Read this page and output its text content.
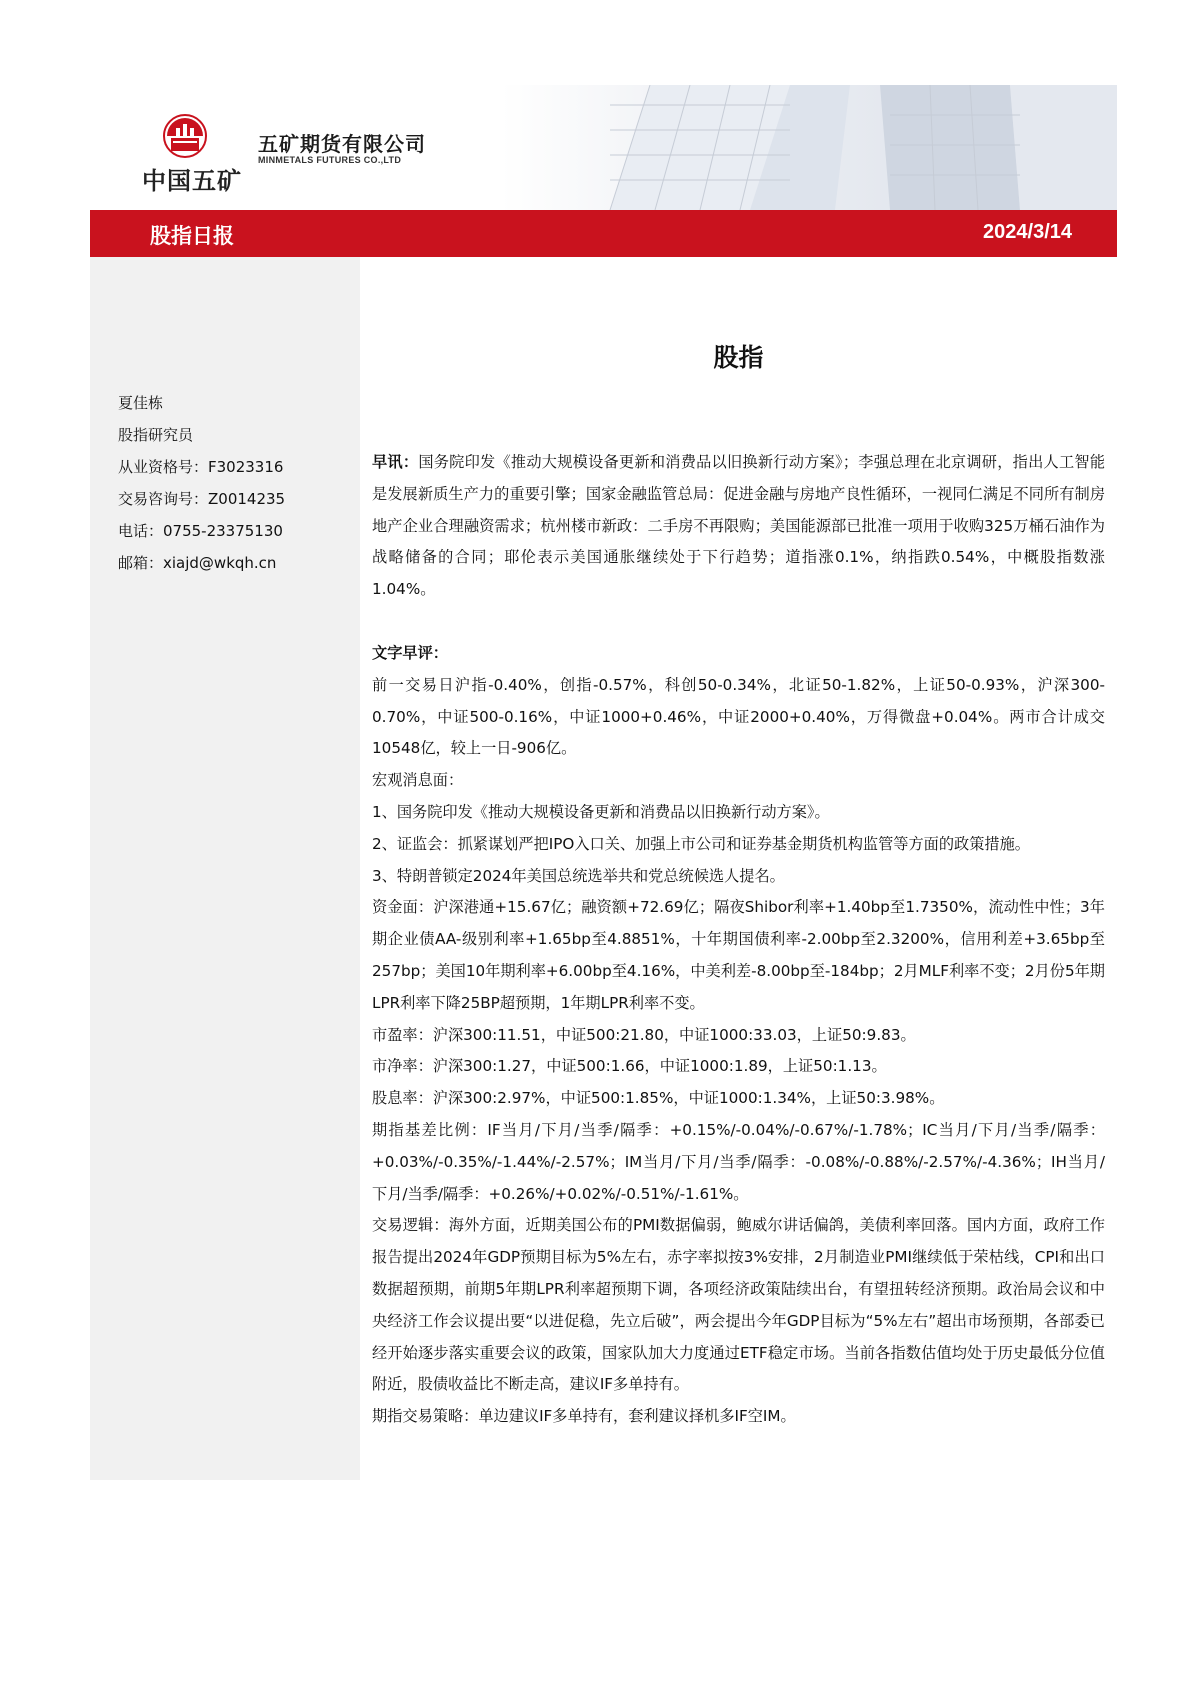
中国五矿

五矿期货有限公司

MINMETALS FUTURES CO.,LTD

股指日报	2024/3/14

夏佳栋
股指研究员
从业资格号：F3023316
交易咨询号：Z0014235
电话：0755-23375130
邮箱：xiajd@wkqh.cn
股指

早讯：国务院印发《推动大规模设备更新和消费品以旧换新行动方案》；李强总理在北京调研，指出人工智能是发展新质生产力的重要引擎；国家金融监管总局：促进金融与房地产良性循环，一视同仁满足不同所有制房地产企业合理融资需求；杭州楼市新政：二手房不再限购；美国能源部已批准一项用于收购325万桶石油作为战略储备的合同；耶伦表示美国通胀继续处于下行趋势；道指涨0.1%，纳指跌0.54%，中概股指数涨1.04%。

文字早评：

前一交易日沪指-0.40%，创指-0.57%，科创50-0.34%，北证50-1.82%，上证50-0.93%，沪深300-0.70%，中证500-0.16%，中证1000+0.46%，中证2000+0.40%，万得微盘+0.04%。两市合计成交10548亿，较上一日-906亿。

宏观消息面：

1、国务院印发《推动大规模设备更新和消费品以旧换新行动方案》。

2、证监会：抓紧谋划严把IPO入口关、加强上市公司和证券基金期货机构监管等方面的政策措施。

3、特朗普锁定2024年美国总统选举共和党总统候选人提名。

资金面：沪深港通+15.67亿；融资额+72.69亿；隔夜Shibor利率+1.40bp至1.7350%，流动性中性；3年期企业债AA-级别利率+1.65bp至4.8851%，十年期国债利率-2.00bp至2.3200%，信用利差+3.65bp至257bp；美国10年期利率+6.00bp至4.16%，中美利差-8.00bp至-184bp；2月MLF利率不变；2月份5年期LPR利率下降25BP超预期，1年期LPR利率不变。

市盈率：沪深300:11.51，中证500:21.80，中证1000:33.03，上证50:9.83。

市净率：沪深300:1.27，中证500:1.66，中证1000:1.89，上证50:1.13。

股息率：沪深300:2.97%，中证500:1.85%，中证1000:1.34%，上证50:3.98%。

期指基差比例：IF当月/下月/当季/隔季：+0.15%/-0.04%/-0.67%/-1.78%；IC当月/下月/当季/隔季：+0.03%/-0.35%/-1.44%/-2.57%；IM当月/下月/当季/隔季：-0.08%/-0.88%/-2.57%/-4.36%；IH当月/下月/当季/隔季：+0.26%/+0.02%/-0.51%/-1.61%。

交易逻辑：海外方面，近期美国公布的PMI数据偏弱，鲍威尔讲话偏鸽，美债利率回落。国内方面，政府工作报告提出2024年GDP预期目标为5%左右，赤字率拟按3%安排，2月制造业PMI继续低于荣枯线，CPI和出口数据超预期，前期5年期LPR利率超预期下调，各项经济政策陆续出台，有望扭转经济预期。政治局会议和中央经济工作会议提出要“以进促稳，先立后破”，两会提出今年GDP目标为“5%左右”超出市场预期，各部委已经开始逐步落实重要会议的政策，国家队加大力度通过ETF稳定市场。当前各指数估值均处于历史最低分位值附近，股债收益比不断走高，建议IF多单持有。

期指交易策略：单边建议IF多单持有，套利建议择机多IF空IM。
